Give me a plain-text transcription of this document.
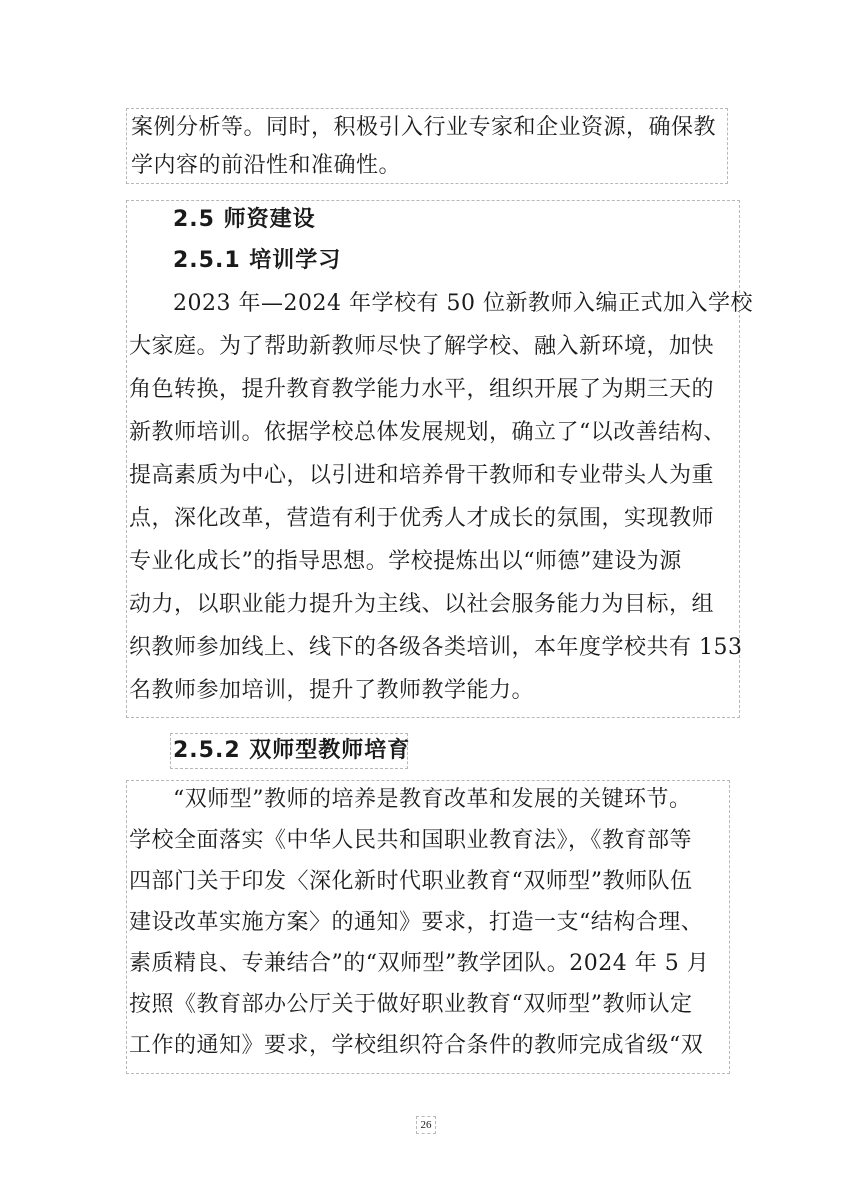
案例分析等。同时，积极引入行业专家和企业资源，确保教
学内容的前沿性和准确性。
2.5 师资建设
2.5.1 培训学习
2023 年—2024 年学校有 50 位新教师入编正式加入学校
大家庭。为了帮助新教师尽快了解学校、融入新环境，加快
角色转换，提升教育教学能力水平，组织开展了为期三天的
新教师培训。依据学校总体发展规划，确立了“以改善结构、
提高素质为中心，以引进和培养骨干教师和专业带头人为重
点，深化改革，营造有利于优秀人才成长的氛围，实现教师
专业化成长”的指导思想。学校提炼出以“师德”建设为源
动力，以职业能力提升为主线、以社会服务能力为目标，组
织教师参加线上、线下的各级各类培训，本年度学校共有 153
名教师参加培训，提升了教师教学能力。
2.5.2 双师型教师培育
“双师型”教师的培养是教育改革和发展的关键环节。
学校全面落实《中华人民共和国职业教育法》，《教育部等
四部门关于印发〈深化新时代职业教育“双师型”教师队伍
建设改革实施方案〉的通知》要求，打造一支“结构合理、
素质精良、专兼结合”的“双师型”教学团队。2024 年 5 月
按照《教育部办公厅关于做好职业教育“双师型”教师认定
工作的通知》要求，学校组织符合条件的教师完成省级“双
26
